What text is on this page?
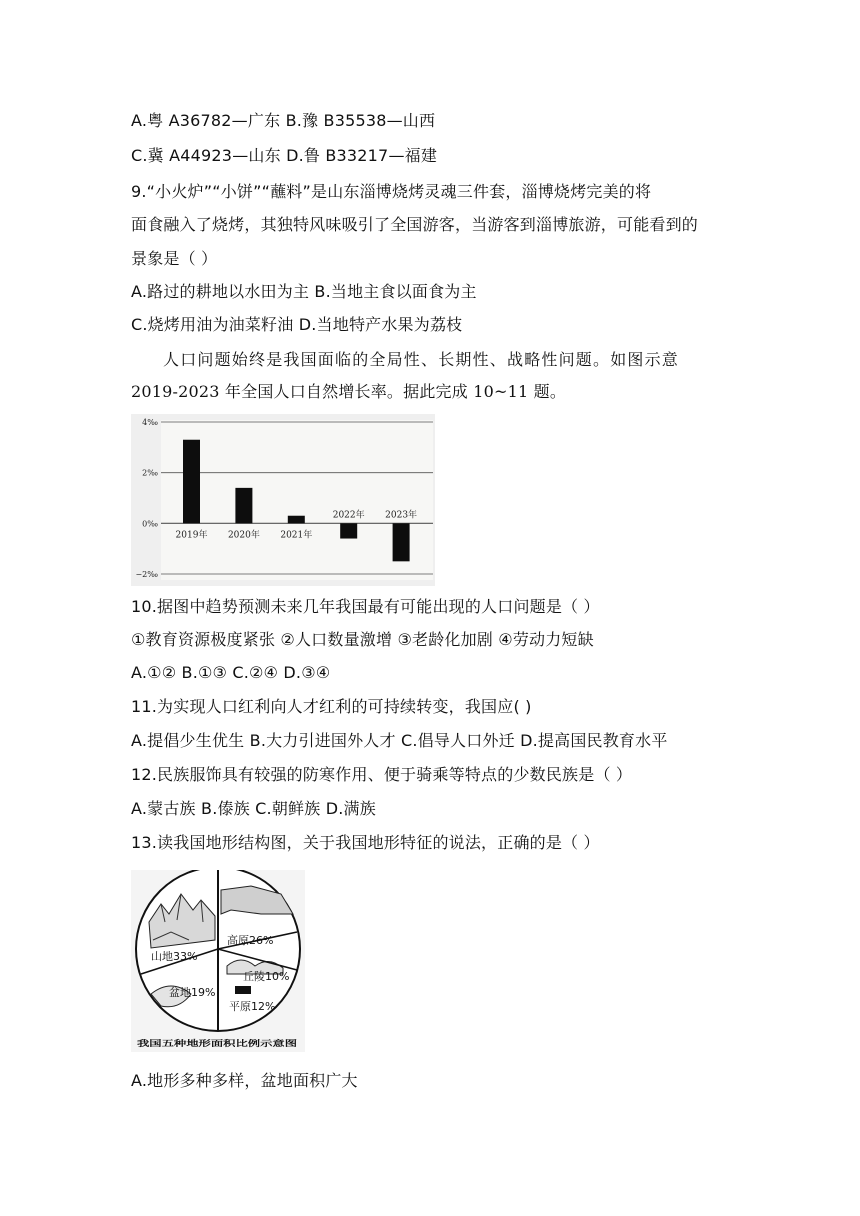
A.粤 A36782—广东 B.豫 B35538—山西
C.冀 A44923—山东 D.鲁 B33217—福建
9.“小火炉”“小饼”“蘸料”是山东淄博烧烤灵魂三件套，淄博烧烤完美的将
面食融入了烧烤，其独特风味吸引了全国游客，当游客到淄博旅游，可能看到的
景象是（ ）
A.路过的耕地以水田为主 B.当地主食以面食为主
C.烧烤用油为油菜籽油 D.当地特产水果为荔枝
人口问题始终是我国面临的全局性、长期性、战略性问题。如图示意
2019-2023 年全国人口自然增长率。据此完成 10~11 题。
4‰
2‰
0‰
−2‰
2019年 2020年 2021年
2022年 2023年
10.据图中趋势预测未来几年我国最有可能出现的人口问题是（ ）
①教育资源极度紧张 ②人口数量激增 ③老龄化加剧 ④劳动力短缺
A.①② B.①③ C.②④ D.③④
11.为实现人口红利向人才红利的可持续转变，我国应( )
A.提倡少生优生 B.大力引进国外人才 C.倡导人口外迁 D.提高国民教育水平
12.民族服饰具有较强的防寒作用、便于骑乘等特点的少数民族是（ ）
A.蒙古族 B.傣族 C.朝鲜族 D.满族
13.读我国地形结构图，关于我国地形特征的说法，正确的是（ ）
山地33%
高原26%
丘陵10%
平原12%
盆地19%
我国五种地形面积比例示意图
A.地形多种多样，盆地面积广大
